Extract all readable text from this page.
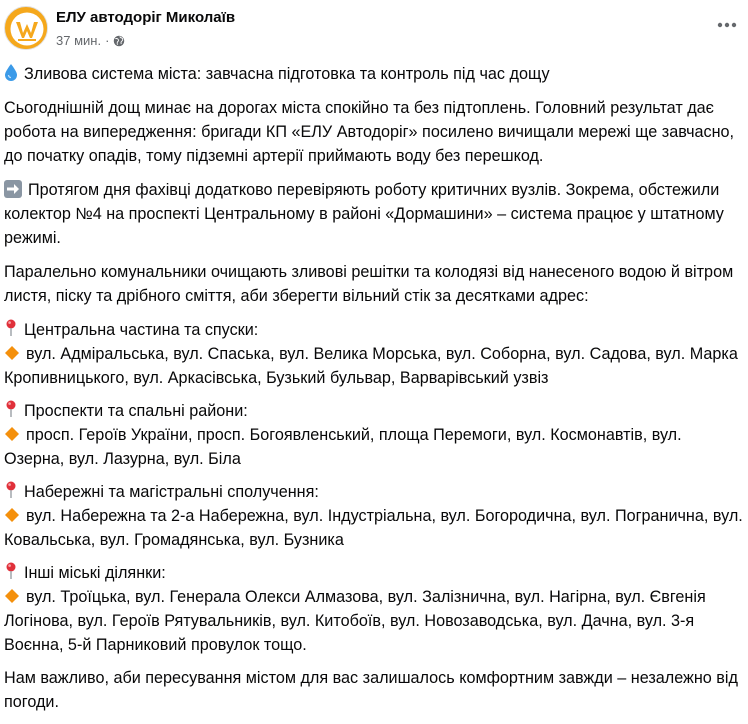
ЕЛУ автодоріг Миколаїв
37 мин. ·

Зливова система міста: завчасна підготовка та контроль під час дощу

Сьогоднішній дощ минає на дорогах міста спокійно та без підтоплень. Головний результат дає робота на випередження: бригади КП «ЕЛУ Автодоріг» посилено вичищали мережі ще завчасно, до початку опадів, тому підземні артерії приймають воду без перешкод.

Протягом дня фахівці додатково перевіряють роботу критичних вузлів. Зокрема, обстежили колектор №4 на проспекті Центральному в районі «Дормашини» – система працює у штатному режимі.

Паралельно комунальники очищають зливові решітки та колодязі від нанесеного водою й вітром листя, піску та дрібного сміття, аби зберегти вільний стік за десятками адрес:

Центральна частина та спуски:
вул. Адміральська, вул. Спаська, вул. Велика Морська, вул. Соборна, вул. Садова, вул. Марка Кропивницького, вул. Аркасівська, Бузький бульвар, Варварівський узвіз
Проспекти та спальні райони:
просп. Героїв України, просп. Богоявленський, площа Перемоги, вул. Космонавтів, вул. Озерна, вул. Лазурна, вул. Біла
Набережні та магістральні сполучення:
вул. Набережна та 2-а Набережна, вул. Індустріальна, вул. Богородична, вул. Погранична, вул. Ковальська, вул. Громадянська, вул. Бузника
Інші міські ділянки:
вул. Троїцька, вул. Генерала Олекси Алмазова, вул. Залізнична, вул. Нагірна, вул. Євгенія Логінова, вул. Героїв Рятувальників, вул. Китобоїв, вул. Новозаводська, вул. Дачна, вул. 3-я Воєнна, 5-й Парниковий провулок тощо.

Нам важливо, аби пересування містом для вас залишалось комфортним завжди – незалежно від погоди.
